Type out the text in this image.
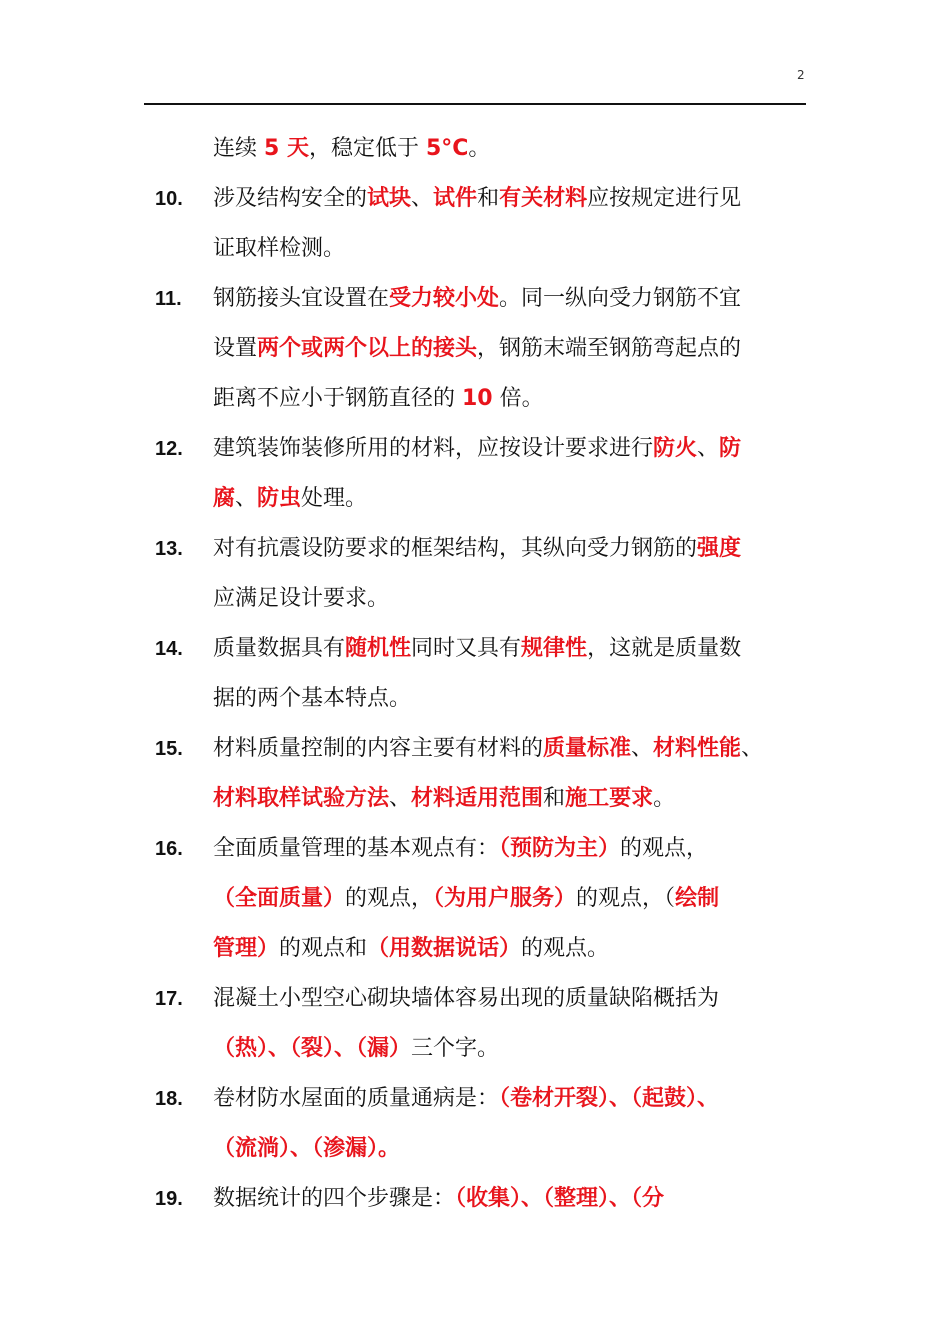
2
连续 5 天，稳定低于 5°C。
10. 涉及结构安全的试块、试件和有关材料应按规定进行见
证取样检测。
11. 钢筋接头宜设置在受力较小处。同一纵向受力钢筋不宜
设置两个或两个以上的接头，钢筋末端至钢筋弯起点的
距离不应小于钢筋直径的 10 倍。
12. 建筑装饰装修所用的材料，应按设计要求进行防火、防
腐、防虫处理。
13. 对有抗震设防要求的框架结构，其纵向受力钢筋的强度
应满足设计要求。
14. 质量数据具有随机性同时又具有规律性，这就是质量数
据的两个基本特点。
15. 材料质量控制的内容主要有材料的质量标准、材料性能、
材料取样试验方法、材料适用范围和施工要求。
16. 全面质量管理的基本观点有：（预防为主）的观点，
（全面质量）的观点，（为用户服务）的观点，（绘制
管理）的观点和（用数据说话）的观点。
17. 混凝土小型空心砌块墙体容易出现的质量缺陷概括为
（热）、（裂）、（漏）三个字。
18. 卷材防水屋面的质量通病是：（卷材开裂）、（起鼓）、
（流淌）、（渗漏）。
19. 数据统计的四个步骤是：（收集）、（整理）、（分
